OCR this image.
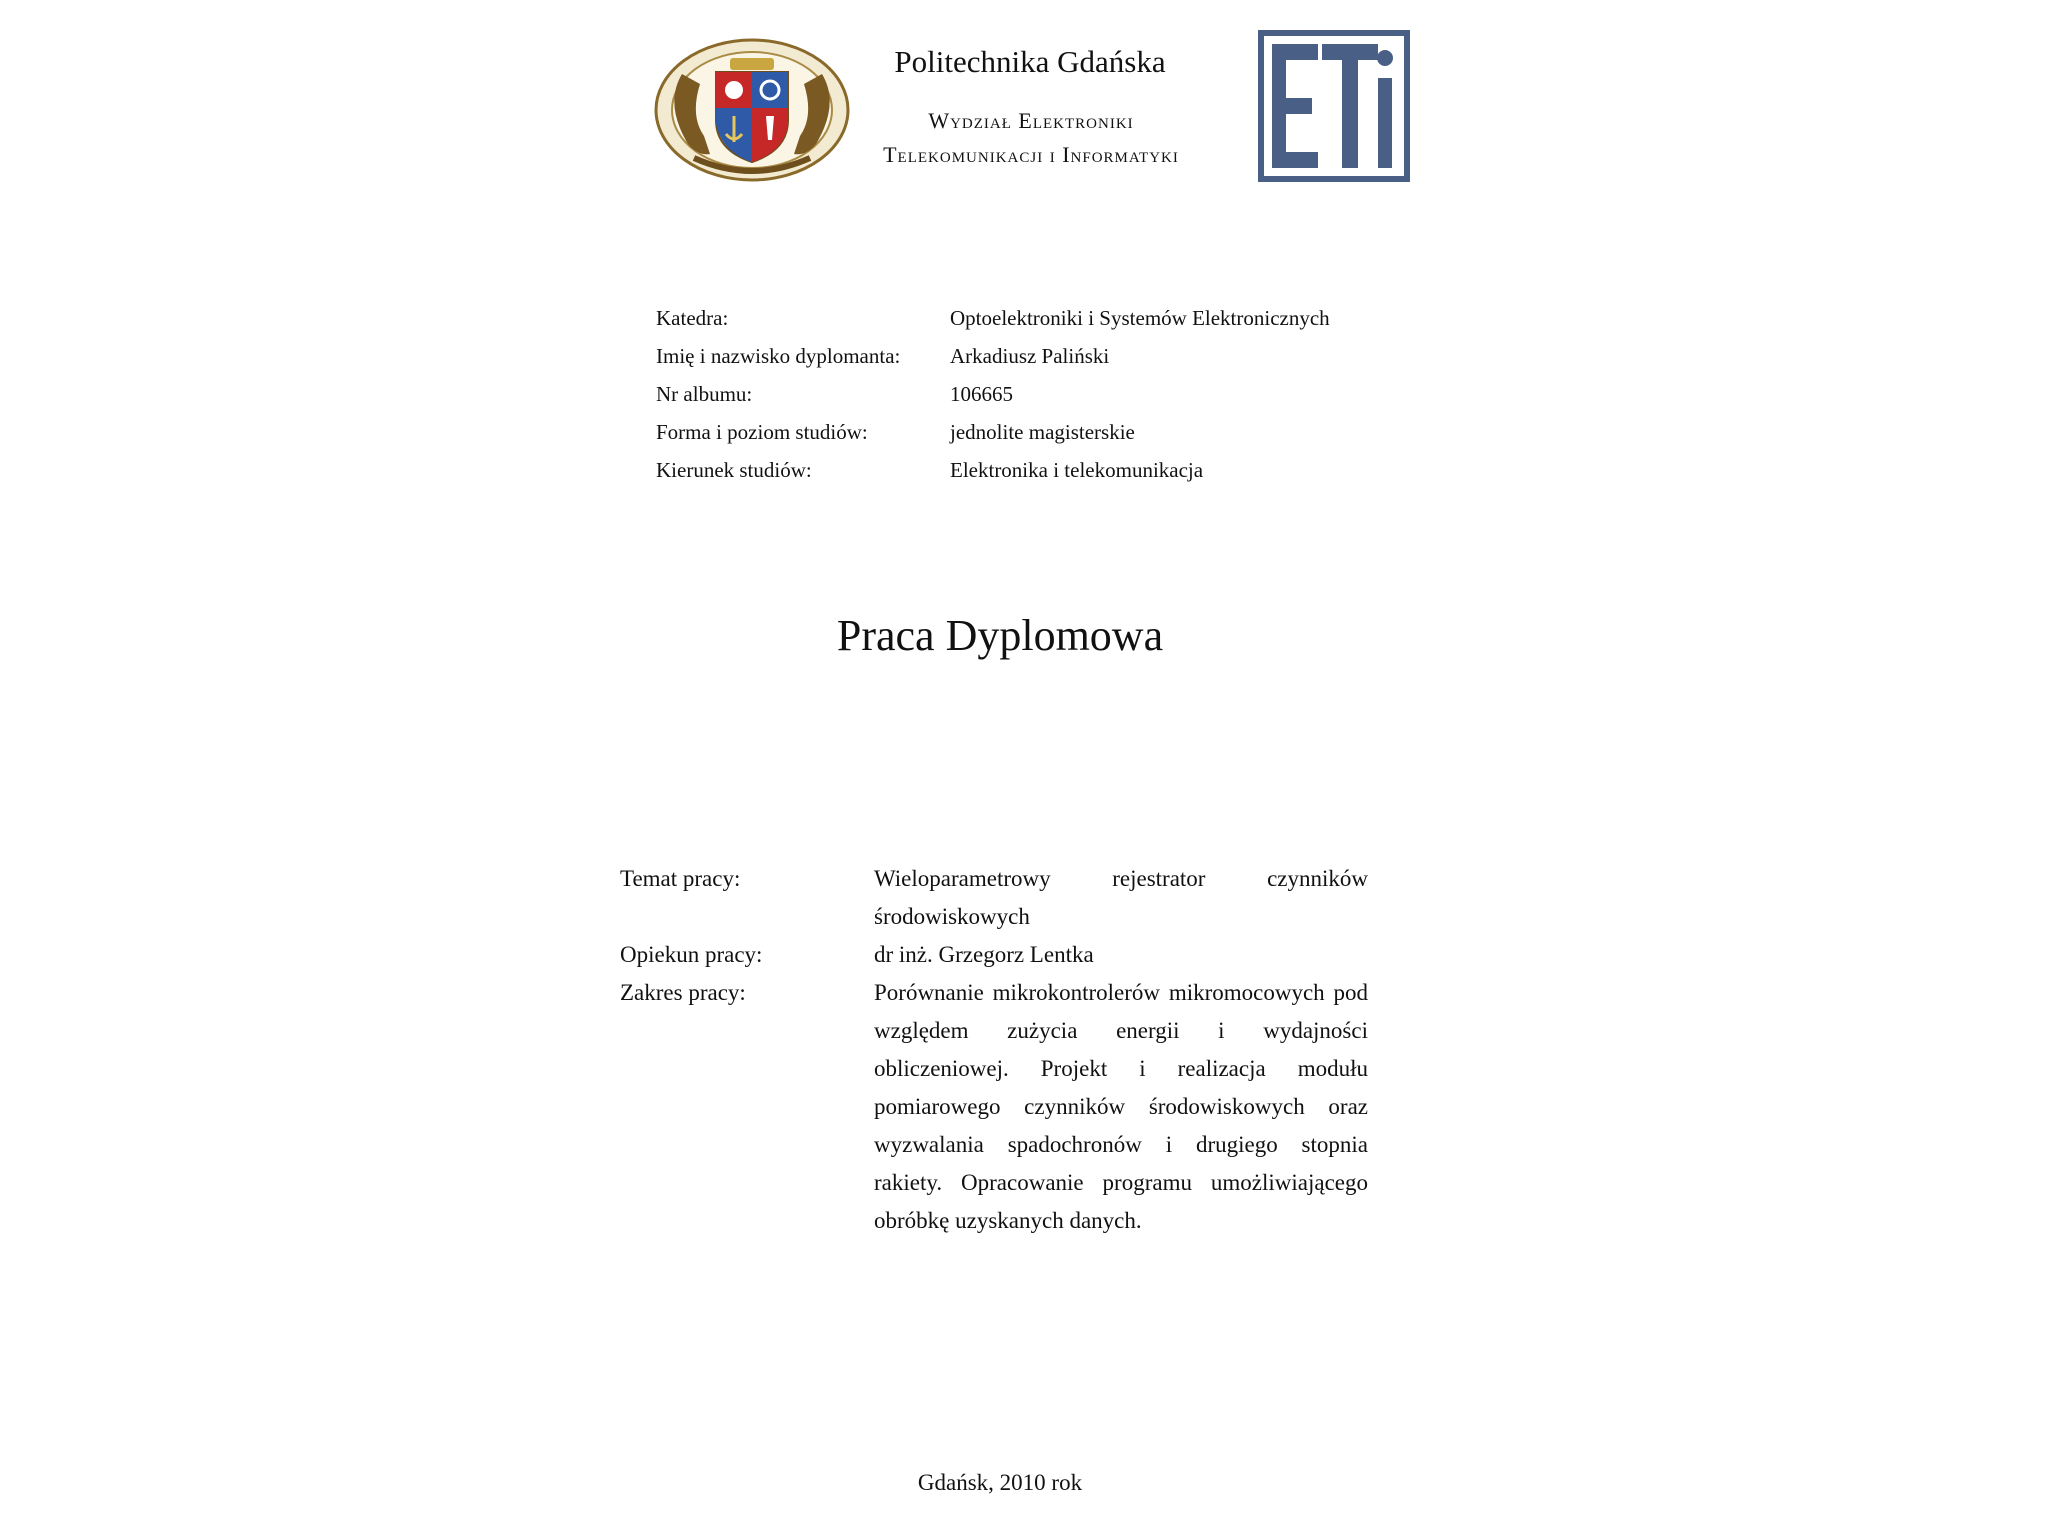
Politechnika Gdańska
Wydział Elektroniki
Telekomunikacji i Informatyki
Katedra:	Optoelektroniki i Systemów Elektronicznych
Imię i nazwisko dyplomanta: Arkadiusz Paliński
Nr albumu:	106665
Forma i poziom studiów:	jednolite magisterskie
Kierunek studiów:	Elektronika i telekomunikacja
Praca Dyplomowa
Temat pracy:	Wieloparametrowy rejestrator czynników środowiskowych
Opiekun pracy:	dr inż. Grzegorz Lentka
Zakres pracy:	Porównanie mikrokontrolerów mikromocowych pod względem zużycia energii i wydajności obliczeniowej. Projekt i realizacja modułu pomiarowego czynników środowiskowych oraz wyzwalania spadochronów i drugiego stopnia rakiety. Opracowanie programu umożliwiającego obróbkę uzyskanych danych.
Gdańsk, 2010 rok
